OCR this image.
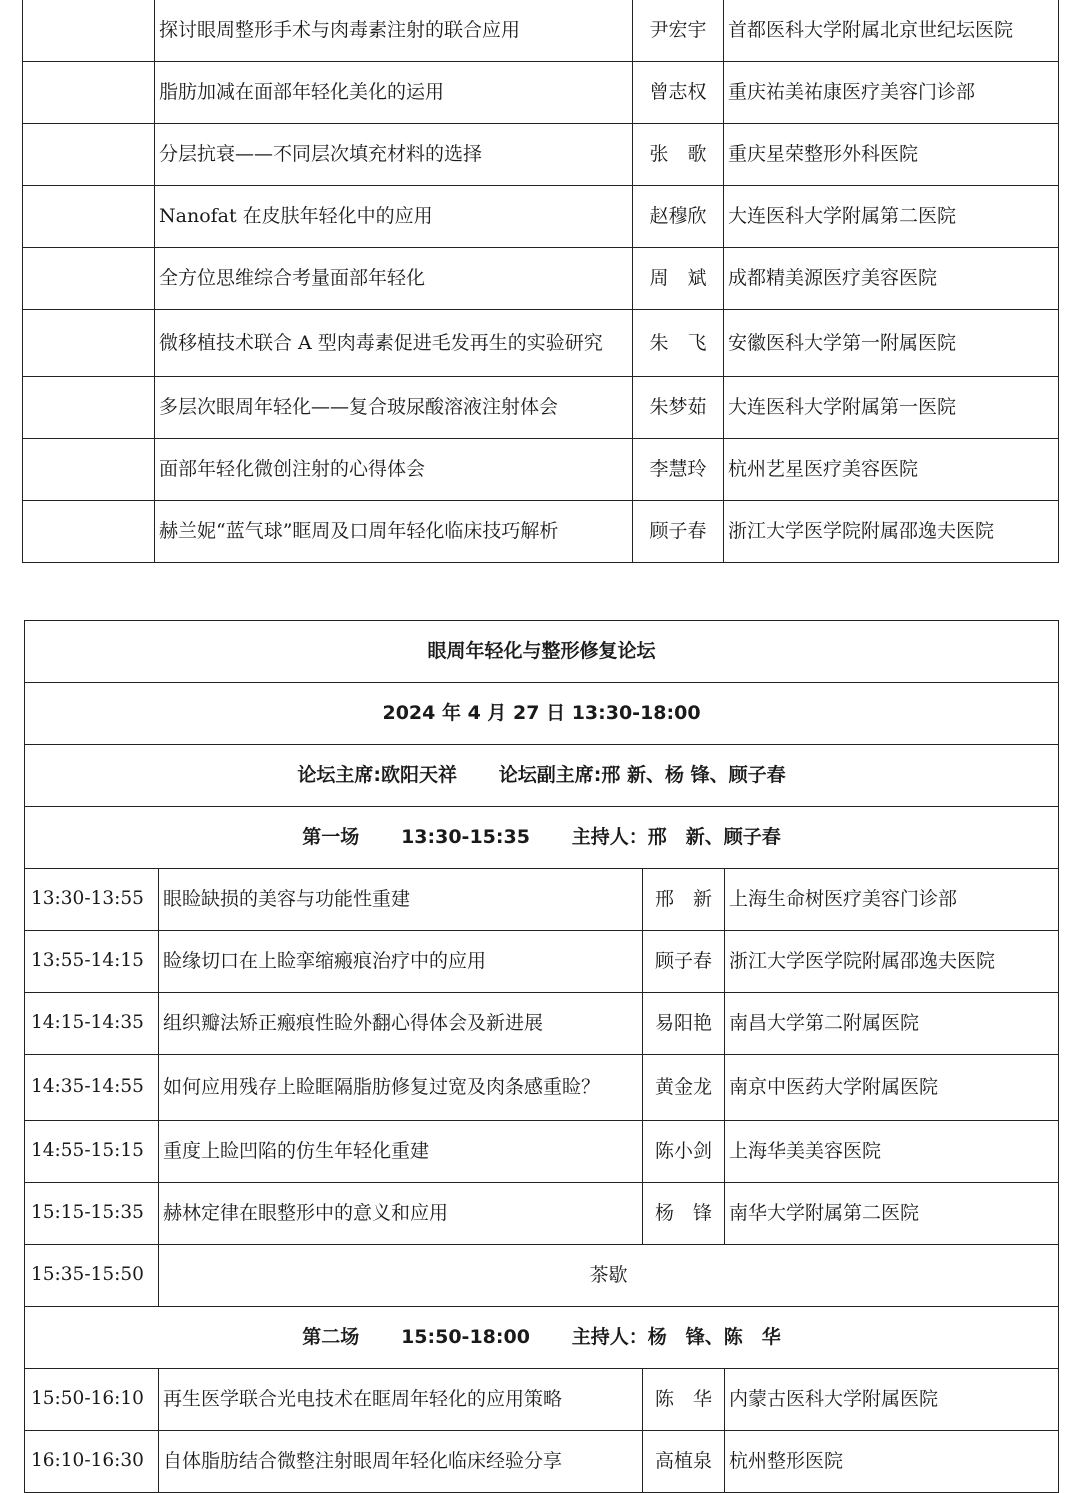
	探讨眼周整形手术与肉毒素注射的联合应用	尹宏宇	首都医科大学附属北京世纪坛医院
	脂肪加减在面部年轻化美化的运用	曾志权	重庆祐美祐康医疗美容门诊部
	分层抗衰——不同层次填充材料的选择	张　歌	重庆星荣整形外科医院
	Nanofat 在皮肤年轻化中的应用	赵穆欣	大连医科大学附属第二医院
	全方位思维综合考量面部年轻化	周　斌	成都精美源医疗美容医院
	微移植技术联合 A 型肉毒素促进毛发再生的实验研究	朱　飞	安徽医科大学第一附属医院
	多层次眼周年轻化——复合玻尿酸溶液注射体会	朱梦茹	大连医科大学附属第一医院
	面部年轻化微创注射的心得体会	李慧玲	杭州艺星医疗美容医院
	赫兰妮“蓝气球”眶周及口周年轻化临床技巧解析	顾子春	浙江大学医学院附属邵逸夫医院
眼周年轻化与整形修复论坛			
2024 年 4 月 27 日 13:30-18:00			
论坛主席:欧阳天祥 论坛副主席:邢 新、杨 锋、顾子春			
第一场 13:30-15:35 主持人：邢　新、顾子春			
13:30-13:55	眼睑缺损的美容与功能性重建	邢　新	上海生命树医疗美容门诊部
13:55-14:15	睑缘切口在上睑挛缩瘢痕治疗中的应用	顾子春	浙江大学医学院附属邵逸夫医院
14:15-14:35	组织瓣法矫正瘢痕性睑外翻心得体会及新进展	易阳艳	南昌大学第二附属医院
14:35-14:55	如何应用残存上睑眶隔脂肪修复过宽及肉条感重睑？	黄金龙	南京中医药大学附属医院
14:55-15:15	重度上睑凹陷的仿生年轻化重建	陈小剑	上海华美美容医院
15:15-15:35	赫林定律在眼整形中的意义和应用	杨　锋	南华大学附属第二医院
15:35-15:50	茶歇		
第二场 15:50-18:00 主持人：杨　锋、陈　华			
15:50-16:10	再生医学联合光电技术在眶周年轻化的应用策略	陈　华	内蒙古医科大学附属医院
16:10-16:30	自体脂肪结合微整注射眼周年轻化临床经验分享	高植泉	杭州整形医院
